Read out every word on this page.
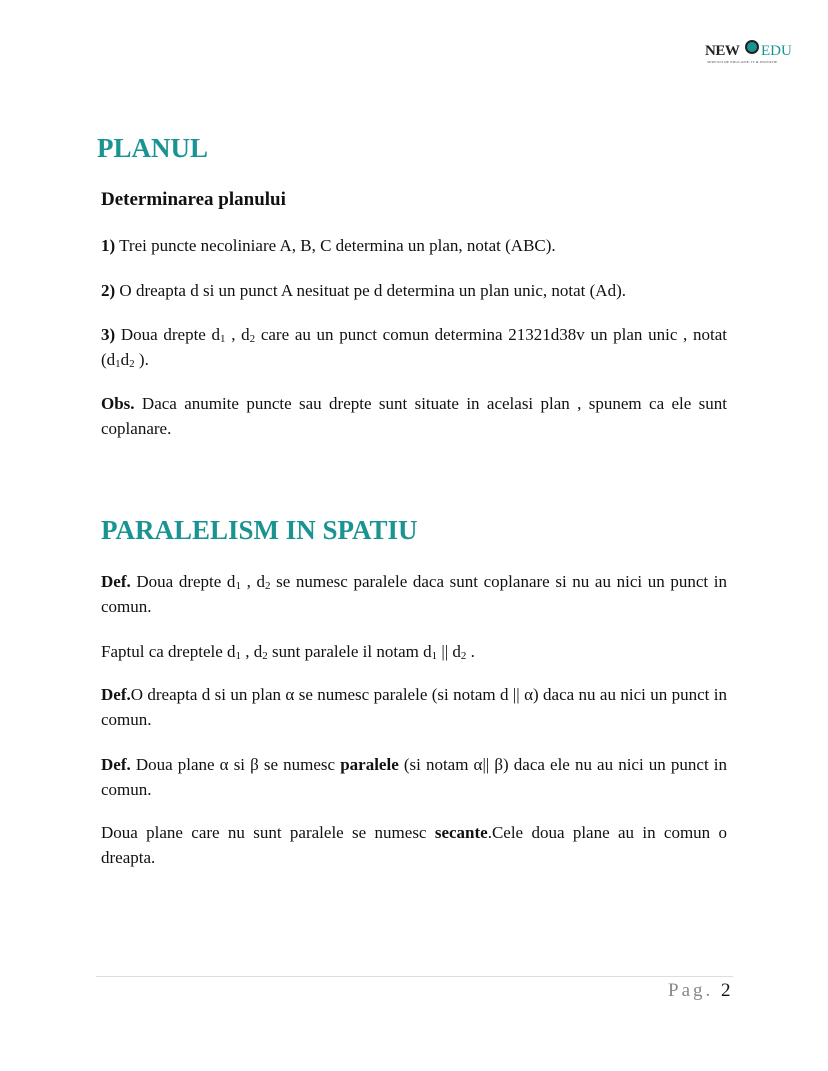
NEW EDU
SERVICII DE EDUCATIE, IT & INOVATIE
PLANUL
Determinarea planului

1) Trei puncte necoliniare A, B, C determina un plan, notat (ABC).

2) O dreapta d si un punct A nesituat pe d determina un plan unic, notat (Ad).

3) Doua drepte $d_1$ , $d_2$ care au un punct comun determina 21321d38v un plan unic , notat ($d_1d_2$ ).

Obs. Daca anumite puncte sau drepte sunt situate in acelasi plan , spunem ca ele sunt coplanare.

PARALELISM IN SPATIU

Def. Doua drepte $d_1$ , $d_2$ se numesc paralele daca sunt coplanare si nu au nici un punct in comun.

Faptul ca dreptele $d_1$ , $d_2$ sunt paralele il notam $d_1$ || $d_2$ .

Def.O dreapta d si un plan α se numesc paralele (si notam d || α) daca nu au nici un punct in comun.

Def. Doua plane α si β se numesc paralele (si notam α|| β) daca ele nu au nici un punct in comun.

Doua plane care nu sunt paralele se numesc secante.Cele doua plane au in comun o dreapta.

Pag. 2
